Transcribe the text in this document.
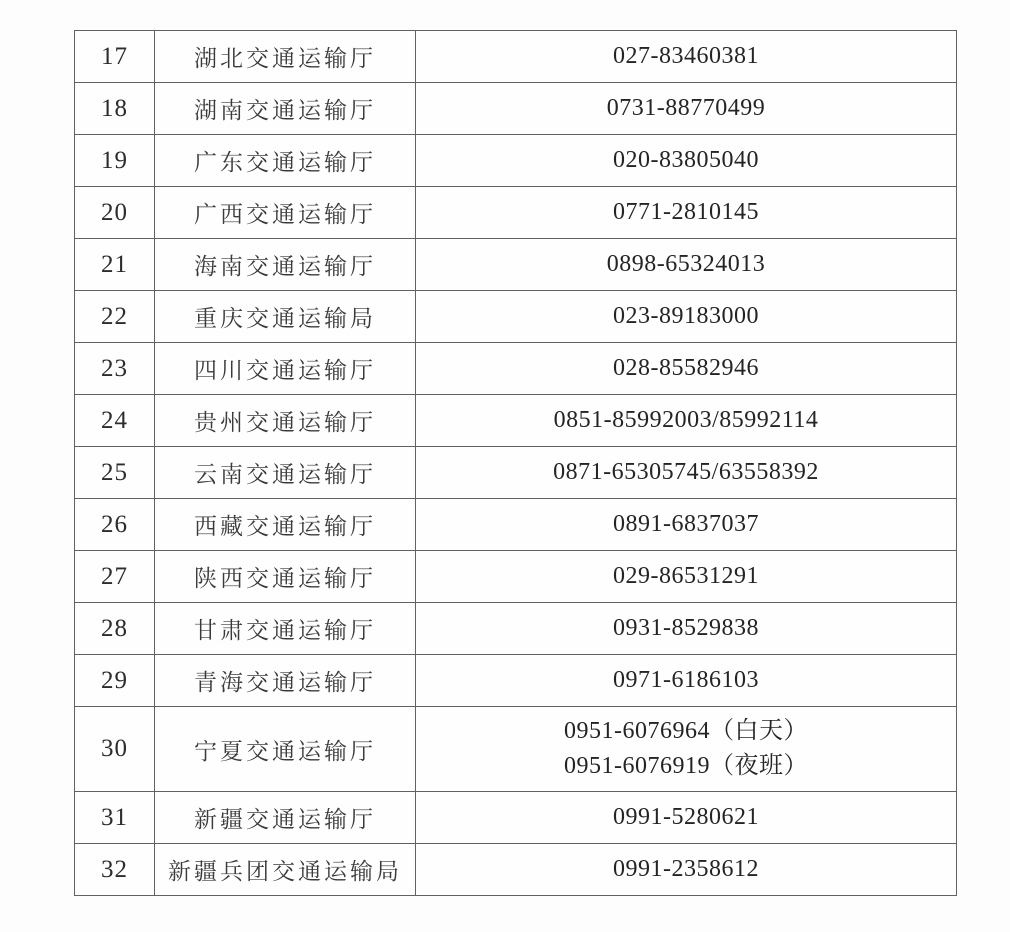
17	湖北交通运输厅	027-83460381
18	湖南交通运输厅	0731-88770499
19	广东交通运输厅	020-83805040
20	广西交通运输厅	0771-2810145
21	海南交通运输厅	0898-65324013
22	重庆交通运输局	023-89183000
23	四川交通运输厅	028-85582946
24	贵州交通运输厅	0851-85992003/85992114
25	云南交通运输厅	0871-65305745/63558392
26	西藏交通运输厅	0891-6837037
27	陕西交通运输厅	029-86531291
28	甘肃交通运输厅	0931-8529838
29	青海交通运输厅	0971-6186103
30	宁夏交通运输厅	0951-6076964（白天）
0951-6076919（夜班）

31	新疆交通运输厅	0991-5280621
32	新疆兵团交通运输局	0991-2358612
